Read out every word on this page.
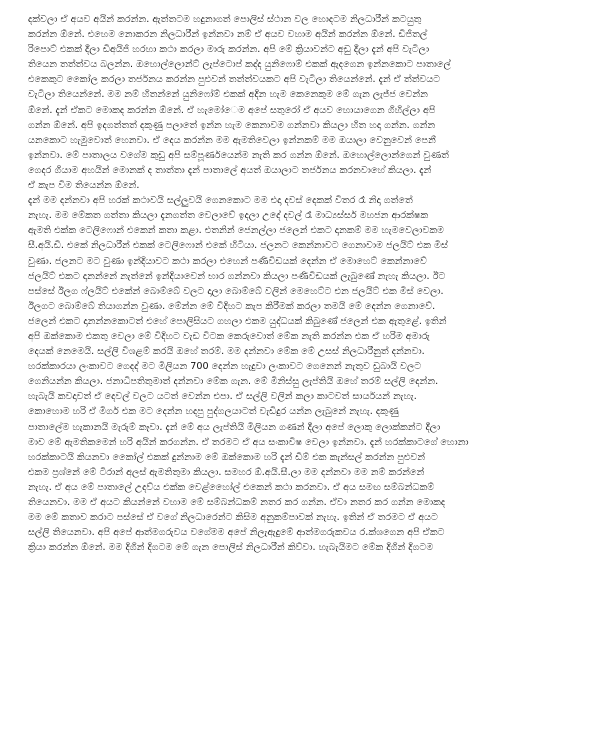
දක්වලා ඒ අයව අයින් කරන්න. ඇත්තටම හදුනාගත් පොලිස් ස්ථාන වල හොදටම නිලධාරීන් කටයුතු
කරන්න ඕනේ. එහෙම නොකරන නිලධාරීන් ඉන්නවා නම් ඒ අයව වහාම අයින් කරන්න ඕනේ. ඩිජිතල්
රිපොට් එකක් දීලා ඩීඅයිජි හරහා කථා කරලා මාරු කරන්න. අපි මේ ක්‍රියාවන්ට අඩු දීලා දැන් අපි වැටිලා
තියෙන තත්ත්වය බලන්න. ඔහොල්ලොන්ට් ලැප්ටොප් කද්ද යුනිෆොම් එකක් ඇදගෙන ඉන්නකොට පාතාලේ
එකෙකුට කෙ‍ෝල කරලා තර්ජනය කරන්න පුළුවන් තත්ත්වයකට අපි වැටිලා තියෙන්නේ. දැන් ඒ ත්ත්වයට
වැටිලා තියෙන්නේ. මම නම් හිතන්නේ යුනිෆෝම් එකක් අදින හැම කෙනෙකුම මේ ගැන ලැජ්ජ වෙන්න
ඕනේ. දැන් ඒකට මොකද කරන්න ඕනේ. ඒ හැමෝ‍ෙම අපේ සතුරෝ ඒ අයව හොයාගෙන ගිහිල්ලා අපි
ගන්න ඕනේ. අපි ඉදගත්තත් දකුණු පලාතේ ඉන්න හැම කෙනාවම ගන්නවා කියලා හිත හදා ගන්න. ගන්න
යනකොට හැමුවොත් හෙනවා. ඒ දෙය කරන්න මම ඇමතිවෙලා ඉන්නකම් මම ඔයාලා වෙනුවෙන් පෙනී
ඉන්නවා. මේ පාතාලය වගේම කුඩු අපි සම්පූර්ණයෙන්ම නැති කර ගන්න ඕනේ. ඔහොල්ලොන්ගෙන් වුණත්
ගෙදර ගියාම අහයින් මොනක් ද තාත්තා දැන් පාතාලේ අයත් ඔයාලාට තර්ජනය කරනවාහේ කියලා. දැන්
ඒ කැප විම තියෙන්න ඕනේ.
දැන් මම දන්නවා අපි හරක් කථාවයි සල්ලුවයි ගෙනකොට මම එදා දවස් දෙකක් විතර රෑ නිදා ගත්තේ
නැහැ. මම මේකත ගත්තා කියලා දැනගත්ත වෙලාවේ ඉදලා උදේ දවල් රෑ මාධ්‍යස්සර් මහජන ආරක්ෂක
ඇමති එක්ක ටෙලිෆොන් එකෙන් කතා කළා. එතනින් ජෙනල්ලා ජලෙන් එකට දානකම් මම හැමවෙලාවකම
සී.අයි.ඩී. එකේ නිලධාරීන් එකක් ටෙලිෆොන් එකේ හිටියා. ජලනට කෙන්නාවට ගෙනාවාම ජලයිට් එක මිස්
වුණා. ජලනට මට වුණා ඉන්දියාවට කථා කරලා එහෙන් පණිවිඩයක් දෙන්න ඒ ‍‍මොහෙට් කෙන්නාවේ
ජලයිට් එකට දානන්නේ නැත්නේ ඉන්දියාවෙන් භාර ගන්නවා කියලා පණිවිඩයක් ලැබුණේ නැහැ කියලා. ඊට
පස්සේ ඊලග ෆ්ලයිට් එකේන් බොම්බේ වලට දාලා බොම්බේ වලින් මෙහෙට්ට එන ජලයිට් එක මිස් වෙලා.
ඊලගට බොම්බේ තියාගන්න වුණා. මේන්න මේ විදිහට කැප කිරීමක් කරලා තමයි මේ දෙන්න ගෙනාවේ.
ජලෙන් එකට දානන්නකොටත් එහේ පොලිසියට ගහලා එකම යුද්ධයක් කිබුණේ ජලෙන් එක ඇතුළේ. ඉතින්
අපි ඔක්කොම එකතු වෙලා මේ විදිහට වැඩ විටක කෙරුවොත් මේක නැති කරන්න එක ඒ හරිම අමාරු
දෙයක් නෙමෙයි. සල්ලි විශළම් කරයි ඔහේ තරම්. මම දන්නවා මේක මේ උසස් නිලධාරීනුත් දන්නවා.
හරක්කාරයා ලංකාවට ගෙදද් මට මිලියන 700 දෙන්න හැදුවා ලංකාවට ගෙනෙන් නැතුව ඩුබායි වලට
ගෙනියන්න කියලා. ජනාධිපතිතුමාත් දන්නවා මේක ගැන. මේ මිනිස්සු ලැප්තියි ඔහේ තරම් සල්ලි දෙන්න.
හැබැයි කවදාවත් ඒ දෙවල් වලට යටත් වෙන්න එපා. ඒ සල්ලි වලින් කලා කාටවත් සාර්යයන් නැහැ.
කොහොම හරි ඒ මිගර් එක මට දෙන්න හදපු පුද්ගලයාටත් වැඩිදුර යන්න ලැබුනේ නැහැ. දකුණු
පාතාලේම හැකානයි මැරුම් කෑවා. දැන් මේ අය ලැප්තියි මිලියන ගණන් දීලා අපේ ලොකු ලොක්කන්ට දීලා
මාව මේ ඇමතිකමෙන් හරි අයින් කරගන්න. ඒ තරමට ඒ අය සංකාවිෂ වෙලා ඉන්නවා. දැන් හරක්කාටගේ හොනා
හරක්කාටයි කියනවා කෙ‍ෝල් එකක් දුන්නාම මේ ඔක්කොම හරි දැන් ඩීම් එක කැන්සල් කරන්න පුළුවන්
එකම ප්‍රශ්නේ මේ ටිරාන් අලස් ඇමතිතුමා කියලා. සමහර ඕ.අයි.සී.ලා මම දන්නවා මම නම් කරන්නේ
නැහැ. ඒ අය මේ පාතාලේ උදව්ය එක්ක වෙළ්හෙ‍ෝල් එකෙන් කථා කරනවා. ඒ අය සමඟ සම්බන්ධකම්
තියෙනවා. මම ඒ අයට කියන්නේ වහාම මේ සම්බන්ධකම් නතර කර ගන්න. ඒවා නතර කර ගන්න මොකද
මම මේ කතාව කරාට පස්සේ ඒ වගේ නිලධාරෙන්ට කිසිම අනුකම්පාවක් නැහැ. ඉතින් ඒ තරමට ඒ අයට
සල්ලි තියෙනවා. අපි අපේ ආත්මගරුවය වගේමම අපේ නිලැඇදුමේ ආත්මගරුකවය ර.ක්ශගෙන අපි ඒකට
ක්‍රියා කරන්න ඕනේ. මම දිගින් දිගටම මේ ගැන පොලිස් නිලධාරීන් කිව්වා. හැබැයිමට මේක දිගින් දිගටම
